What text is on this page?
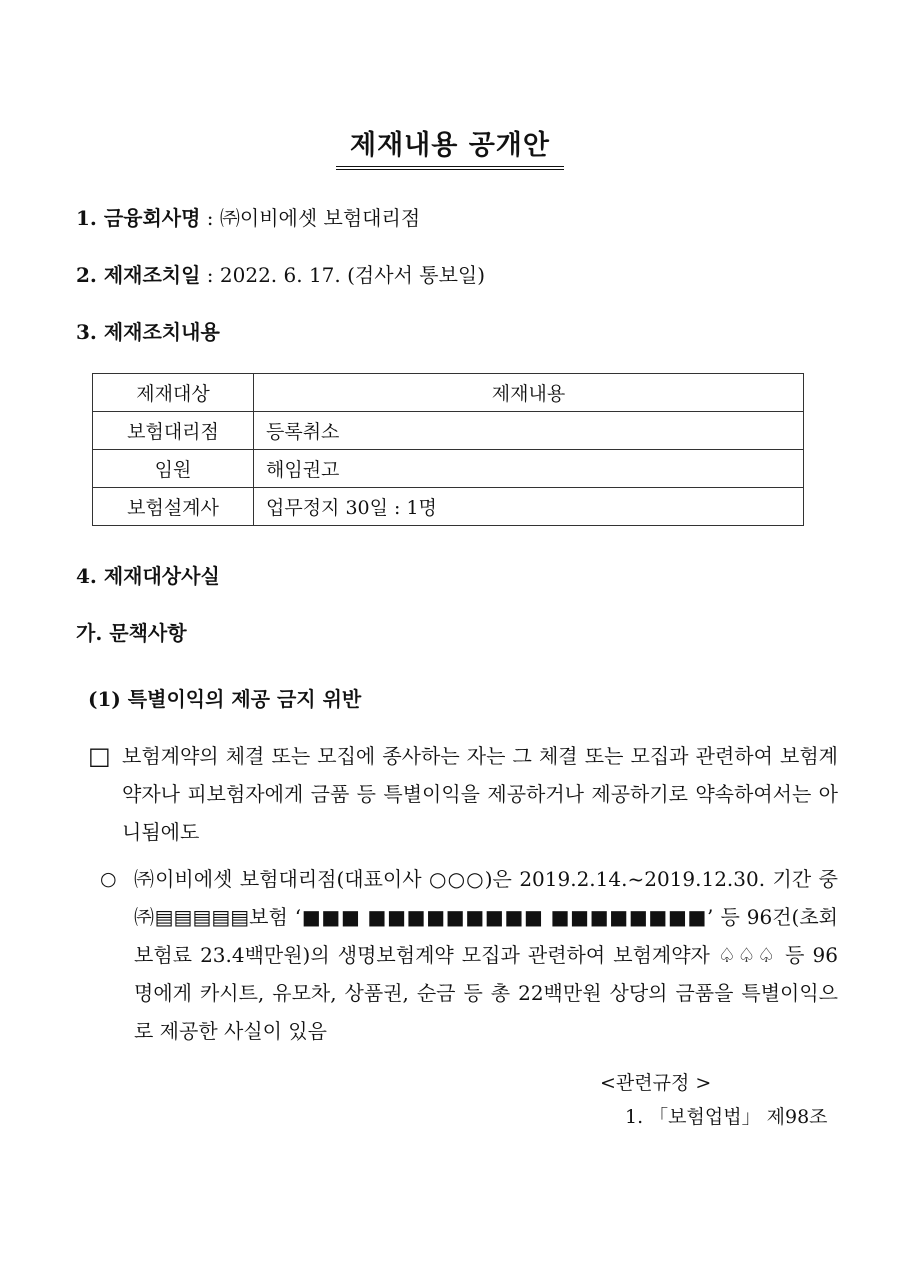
제재내용 공개안
1. 금융회사명 : ㈜이비에셋 보험대리점
2. 제재조치일 : 2022. 6. 17. (검사서 통보일)
3. 제재조치내용
제재대상	제재내용
보험대리점	등록취소
임원	해임권고
보험설계사	업무정지 30일 : 1명
4. 제재대상사실
가. 문책사항
(1) 특별이익의 제공 금지 위반
□ 보험계약의 체결 또는 모집에 종사하는 자는 그 체결 또는 모집과 관련하여 보험계약자나 피보험자에게 금품 등 특별이익을 제공하거나 제공하기로 약속하여서는 아니됨에도
○ ㈜이비에셋 보험대리점(대표이사 ○○○)은 2019.2.14.~2019.12.30. 기간 중 ㈜▤▤▤▤▤보험 ‘■■■ ■■■■■■■■■ ■■■■■■■■’ 등 96건(초회보험료 23.4백만원)의 생명보험계약 모집과 관련하여 보험계약자 ♤♤♤ 등 96명에게 카시트, 유모차, 상품권, 순금 등 총 22백만원 상당의 금품을 특별이익으로 제공한 사실이 있음
<관련규정 >
1. 「보험업법」 제98조
